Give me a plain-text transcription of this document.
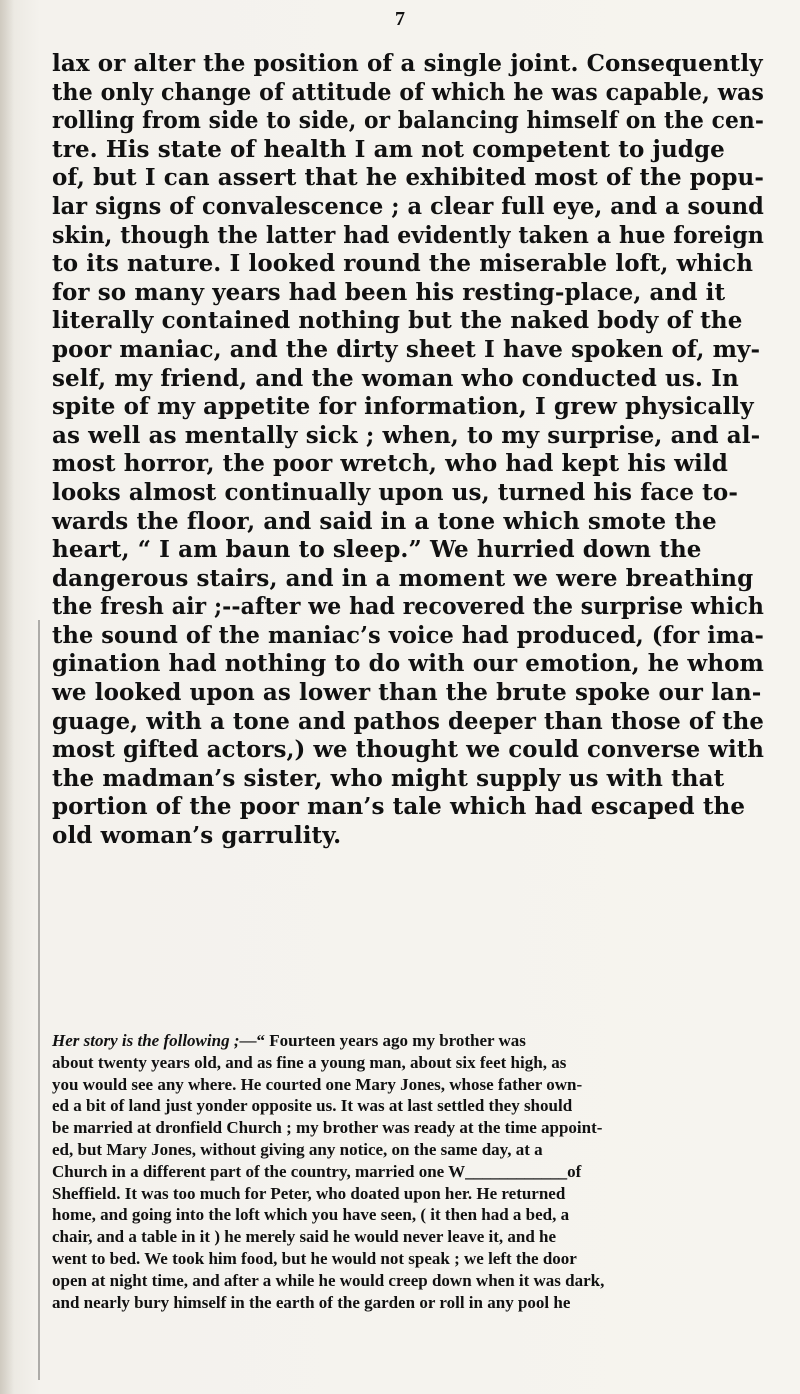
7
lax or alter the position of a single joint. Consequently
the only change of attitude of which he was capable, was
rolling from side to side, or balancing himself on the cen-
tre. His state of health I am not competent to judge
of, but I can assert that he exhibited most of the popu-
lar signs of convalescence ; a clear full eye, and a sound
skin, though the latter had evidently taken a hue foreign
to its nature. I looked round the miserable loft, which
for so many years had been his resting-place, and it
literally contained nothing but the naked body of the
poor maniac, and the dirty sheet I have spoken of, my-
self, my friend, and the woman who conducted us. In
spite of my appetite for information, I grew physically
as well as mentally sick ; when, to my surprise, and al-
most horror, the poor wretch, who had kept his wild
looks almost continually upon us, turned his face to-
wards the floor, and said in a tone which smote the
heart, “ I am baun to sleep.” We hurried down the
dangerous stairs, and in a moment we were breathing
the fresh air ;--after we had recovered the surprise which
the sound of the maniac’s voice had produced, (for ima-
gination had nothing to do with our emotion, he whom
we looked upon as lower than the brute spoke our lan-
guage, with a tone and pathos deeper than those of the
most gifted actors,) we thought we could converse with
the madman’s sister, who might supply us with that
portion of the poor man’s tale which had escaped the
old woman’s garrulity.
Her story is the following ;—“ Fourteen years ago my brother was
about twenty years old, and as fine a young man, about six feet high, as
you would see any where. He courted one Mary Jones, whose father own-
ed a bit of land just yonder opposite us. It was at last settled they should
be married at dronfield Church ; my brother was ready at the time appoint-
ed, but Mary Jones, without giving any notice, on the same day, at a
Church in a different part of the country, married one W____________of
Sheffield. It was too much for Peter, who doated upon her. He returned
home, and going into the loft which you have seen, ( it then had a bed, a
chair, and a table in it ) he merely said he would never leave it, and he
went to bed. We took him food, but he would not speak ; we left the door
open at night time, and after a while he would creep down when it was dark,
and nearly bury himself in the earth of the garden or roll in any pool he
